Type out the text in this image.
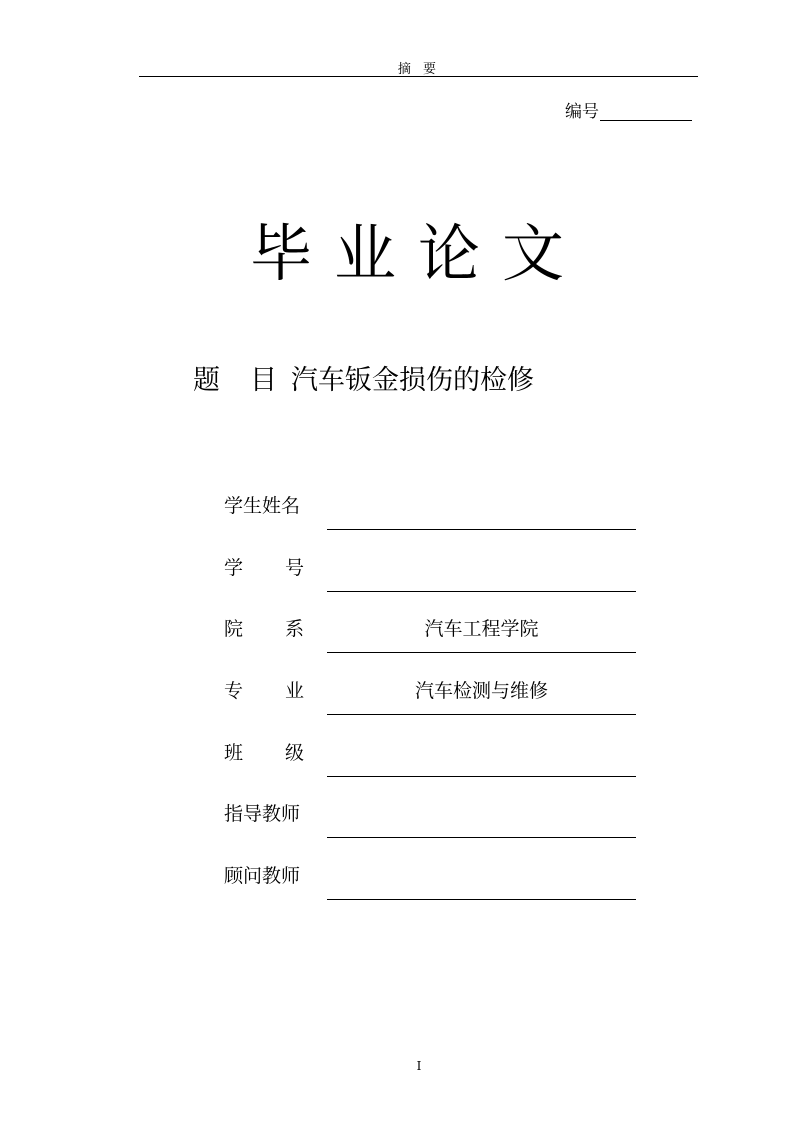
摘 要
编号
毕业论文
题目汽车钣金损伤的检修
学生姓名
学 号
院 系	汽车工程学院
专 业	汽车检测与维修
班 级
指导教师
顾问教师
I
